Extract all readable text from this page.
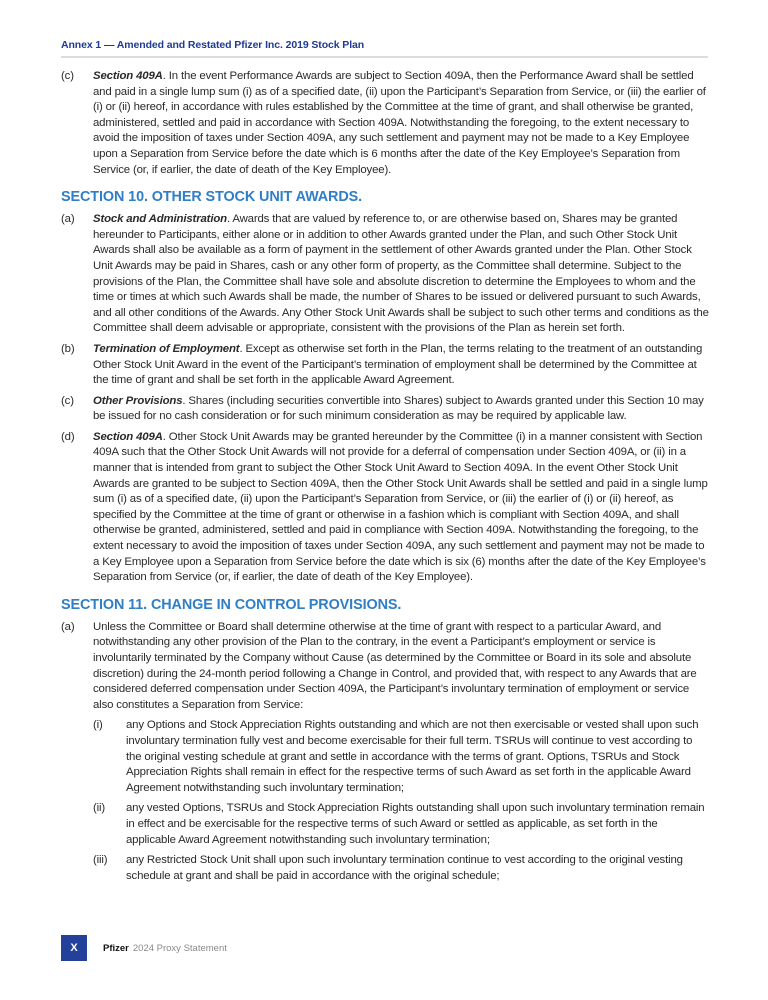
Annex 1 — Amended and Restated Pfizer Inc. 2019 Stock Plan
(c)	Section 409A. In the event Performance Awards are subject to Section 409A, then the Performance Award shall be settled and paid in a single lump sum (i) as of a specified date, (ii) upon the Participant’s Separation from Service, or (iii) the earlier of (i) or (ii) hereof, in accordance with rules established by the Committee at the time of grant, and shall otherwise be granted, administered, settled and paid in accordance with Section 409A. Notwithstanding the foregoing, to the extent necessary to avoid the imposition of taxes under Section 409A, any such settlement and payment may not be made to a Key Employee upon a Separation from Service before the date which is 6 months after the date of the Key Employee’s Separation from Service (or, if earlier, the date of death of the Key Employee).
SECTION 10. OTHER STOCK UNIT AWARDS.
(a)	Stock and Administration. Awards that are valued by reference to, or are otherwise based on, Shares may be granted hereunder to Participants, either alone or in addition to other Awards granted under the Plan, and such Other Stock Unit Awards shall also be available as a form of payment in the settlement of other Awards granted under the Plan. Other Stock Unit Awards may be paid in Shares, cash or any other form of property, as the Committee shall determine. Subject to the provisions of the Plan, the Committee shall have sole and absolute discretion to determine the Employees to whom and the time or times at which such Awards shall be made, the number of Shares to be issued or delivered pursuant to such Awards, and all other conditions of the Awards. Any Other Stock Unit Awards shall be subject to such other terms and conditions as the Committee shall deem advisable or appropriate, consistent with the provisions of the Plan as herein set forth.
(b)	Termination of Employment. Except as otherwise set forth in the Plan, the terms relating to the treatment of an outstanding Other Stock Unit Award in the event of the Participant’s termination of employment shall be determined by the Committee at the time of grant and shall be set forth in the applicable Award Agreement.
(c)	Other Provisions. Shares (including securities convertible into Shares) subject to Awards granted under this Section 10 may be issued for no cash consideration or for such minimum consideration as may be required by applicable law.
(d)	Section 409A. Other Stock Unit Awards may be granted hereunder by the Committee (i) in a manner consistent with Section 409A such that the Other Stock Unit Awards will not provide for a deferral of compensation under Section 409A, or (ii) in a manner that is intended from grant to subject the Other Stock Unit Award to Section 409A. In the event Other Stock Unit Awards are granted to be subject to Section 409A, then the Other Stock Unit Awards shall be settled and paid in a single lump sum (i) as of a specified date, (ii) upon the Participant’s Separation from Service, or (iii) the earlier of (i) or (ii) hereof, as specified by the Committee at the time of grant or otherwise in a fashion which is compliant with Section 409A, and shall otherwise be granted, administered, settled and paid in compliance with Section 409A. Notwithstanding the foregoing, to the extent necessary to avoid the imposition of taxes under Section 409A, any such settlement and payment may not be made to a Key Employee upon a Separation from Service before the date which is six (6) months after the date of the Key Employee’s Separation from Service (or, if earlier, the date of death of the Key Employee).
SECTION 11. CHANGE IN CONTROL PROVISIONS.
(a)	Unless the Committee or Board shall determine otherwise at the time of grant with respect to a particular Award, and notwithstanding any other provision of the Plan to the contrary, in the event a Participant’s employment or service is involuntarily terminated by the Company without Cause (as determined by the Committee or Board in its sole and absolute discretion) during the 24-month period following a Change in Control, and provided that, with respect to any Awards that are considered deferred compensation under Section 409A, the Participant’s involuntary termination of employment or service also constitutes a Separation from Service:
(i)	any Options and Stock Appreciation Rights outstanding and which are not then exercisable or vested shall upon such involuntary termination fully vest and become exercisable for their full term. TSRUs will continue to vest according to the original vesting schedule at grant and settle in accordance with the terms of grant. Options, TSRUs and Stock Appreciation Rights shall remain in effect for the respective terms of such Award as set forth in the applicable Award Agreement notwithstanding such involuntary termination;
(ii)	any vested Options, TSRUs and Stock Appreciation Rights outstanding shall upon such involuntary termination remain in effect and be exercisable for the respective terms of such Award or settled as applicable, as set forth in the applicable Award Agreement notwithstanding such involuntary termination;
(iii)	any Restricted Stock Unit shall upon such involuntary termination continue to vest according to the original vesting schedule at grant and shall be paid in accordance with the original schedule;
X	Pfizer 2024 Proxy Statement
